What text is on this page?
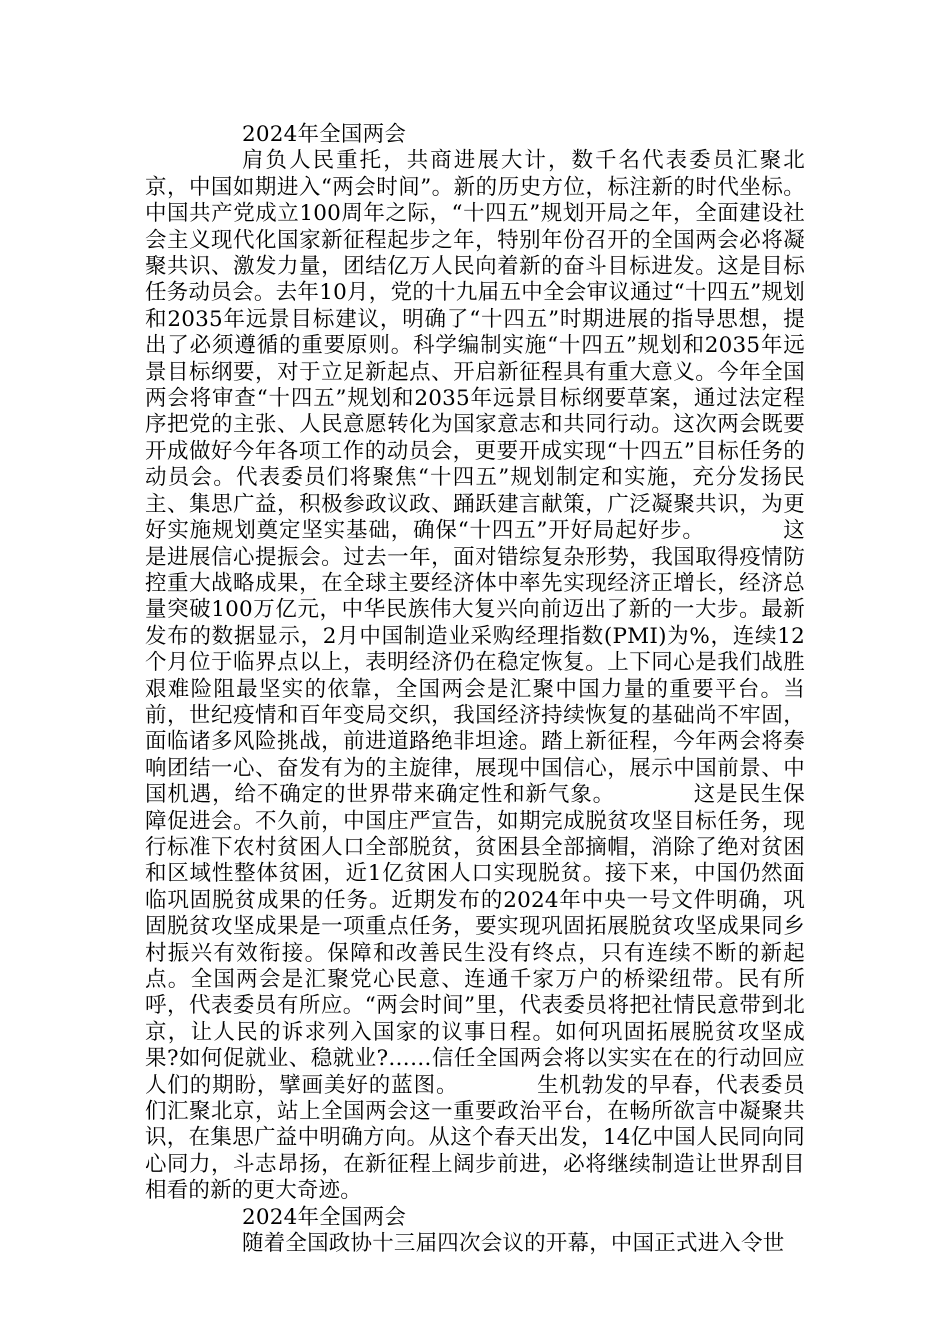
2024年全国两会

肩负人民重托，共商进展大计，数千名代表委员汇聚北京，中国如期进入“两会时间”。新的历史方位，标注新的时代坐标。中国共产党成立100周年之际，“十四五”规划开局之年，全面建设社会主义现代化国家新征程起步之年，特别年份召开的全国两会必将凝聚共识、激发力量，团结亿万人民向着新的奋斗目标进发。这是目标任务动员会。去年10月，党的十九届五中全会审议通过“十四五”规划和2035年远景目标建议，明确了“十四五”时期进展的指导思想，提出了必须遵循的重要原则。科学编制实施“十四五”规划和2035年远景目标纲要，对于立足新起点、开启新征程具有重大意义。今年全国两会将审查“十四五”规划和2035年远景目标纲要草案，通过法定程序把党的主张、人民意愿转化为国家意志和共同行动。这次两会既要开成做好今年各项工作的动员会，更要开成实现“十四五”目标任务的动员会。代表委员们将聚焦“十四五”规划制定和实施，充分发扬民主、集思广益，积极参政议政、踊跃建言献策，广泛凝聚共识，为更好实施规划奠定坚实基础，确保“十四五”开好局起好步。　　　　这是进展信心提振会。过去一年，面对错综复杂形势，我国取得疫情防控重大战略成果，在全球主要经济体中率先实现经济正增长，经济总量突破100万亿元，中华民族伟大复兴向前迈出了新的一大步。最新发布的数据显示，2月中国制造业采购经理指数(PMI)为%，连续12个月位于临界点以上，表明经济仍在稳定恢复。上下同心是我们战胜艰难险阻最坚实的依靠，全国两会是汇聚中国力量的重要平台。当前，世纪疫情和百年变局交织，我国经济持续恢复的基础尚不牢固，面临诸多风险挑战，前进道路绝非坦途。踏上新征程，今年两会将奏响团结一心、奋发有为的主旋律，展现中国信心，展示中国前景、中国机遇，给不确定的世界带来确定性和新气象。　　　　这是民生保障促进会。不久前，中国庄严宣告，如期完成脱贫攻坚目标任务，现行标准下农村贫困人口全部脱贫，贫困县全部摘帽，消除了绝对贫困和区域性整体贫困，近1亿贫困人口实现脱贫。接下来，中国仍然面临巩固脱贫成果的任务。近期发布的2024年中央一号文件明确，巩固脱贫攻坚成果是一项重点任务，要实现巩固拓展脱贫攻坚成果同乡村振兴有效衔接。保障和改善民生没有终点，只有连续不断的新起点。全国两会是汇聚党心民意、连通千家万户的桥梁纽带。民有所呼，代表委员有所应。“两会时间”里，代表委员将把社情民意带到北京，让人民的诉求列入国家的议事日程。如何巩固拓展脱贫攻坚成果?如何促就业、稳就业?……信任全国两会将以实实在在的行动回应人们的期盼，擘画美好的蓝图。　　　　生机勃发的早春，代表委员们汇聚北京，站上全国两会这一重要政治平台，在畅所欲言中凝聚共识，在集思广益中明确方向。从这个春天出发，14亿中国人民同向同心同力，斗志昂扬，在新征程上阔步前进，必将继续制造让世界刮目相看的新的更大奇迹。

2024年全国两会

随着全国政协十三届四次会议的开幕，中国正式进入令世
